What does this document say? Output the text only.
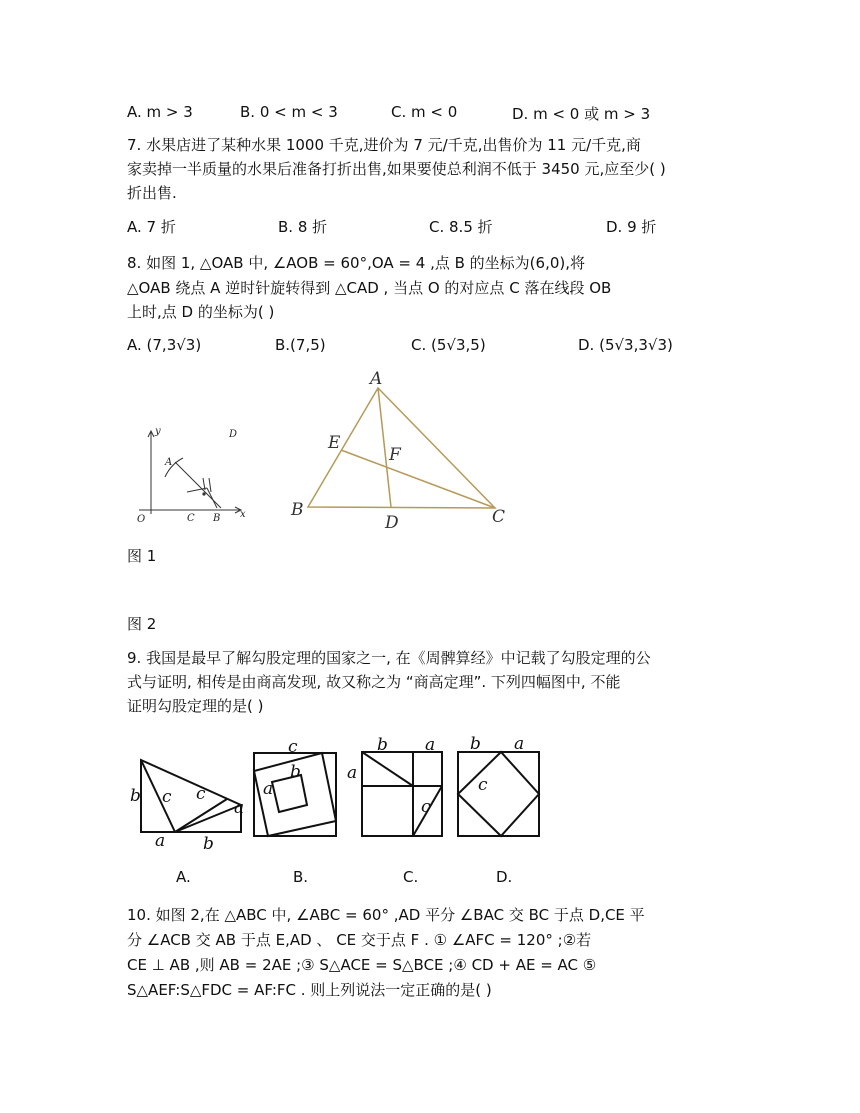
A. m > 3	B. 0 < m < 3	C. m < 0	D. m < 0 或 m > 3
7. 水果店进了某种水果 1000 千克,进价为 7 元/千克,出售价为 11 元/千克,商
家卖掉一半质量的水果后准备打折出售,如果要使总利润不低于 3450 元,应至少( )
折出售.
A. 7 折	B. 8 折	C. 8.5 折	D. 9 折
8. 如图 1, △OAB 中, ∠AOB = 60°,OA = 4 ,点 B 的坐标为(6,0),将
△OAB 绕点 A 逆时针旋转得到 △CAD , 当点 O 的对应点 C 落在线段 OB
上时,点 D 的坐标为( )
A. (7,3√3)	B.(7,5)	C. (5√3,5)	D. (5√3,3√3)
y	D
A
O	C B x
A
E
F
B
D	C
图 1
图 2
9. 我国是最早了解勾股定理的国家之一, 在《周髀算经》中记载了勾股定理的公
式与证明, 相传是由商高发现, 故又称之为 “商高定理”. 下列四幅图中, 不能
证明勾股定理的是( )
b c c
a
a b
c
a
b
b a
a
c
b a
c
A.	B.	C.	D.
10. 如图 2,在 △ABC 中, ∠ABC = 60° ,AD 平分 ∠BAC 交 BC 于点 D,CE 平
分 ∠ACB 交 AB 于点 E,AD 、 CE 交于点 F . ① ∠AFC = 120° ;②若
CE ⊥ AB ,则 AB = 2AE ;③ S△ACE = S△BCE ;④ CD + AE = AC ⑤
S△AEF:S△FDC = AF:FC . 则上列说法一定正确的是( )
